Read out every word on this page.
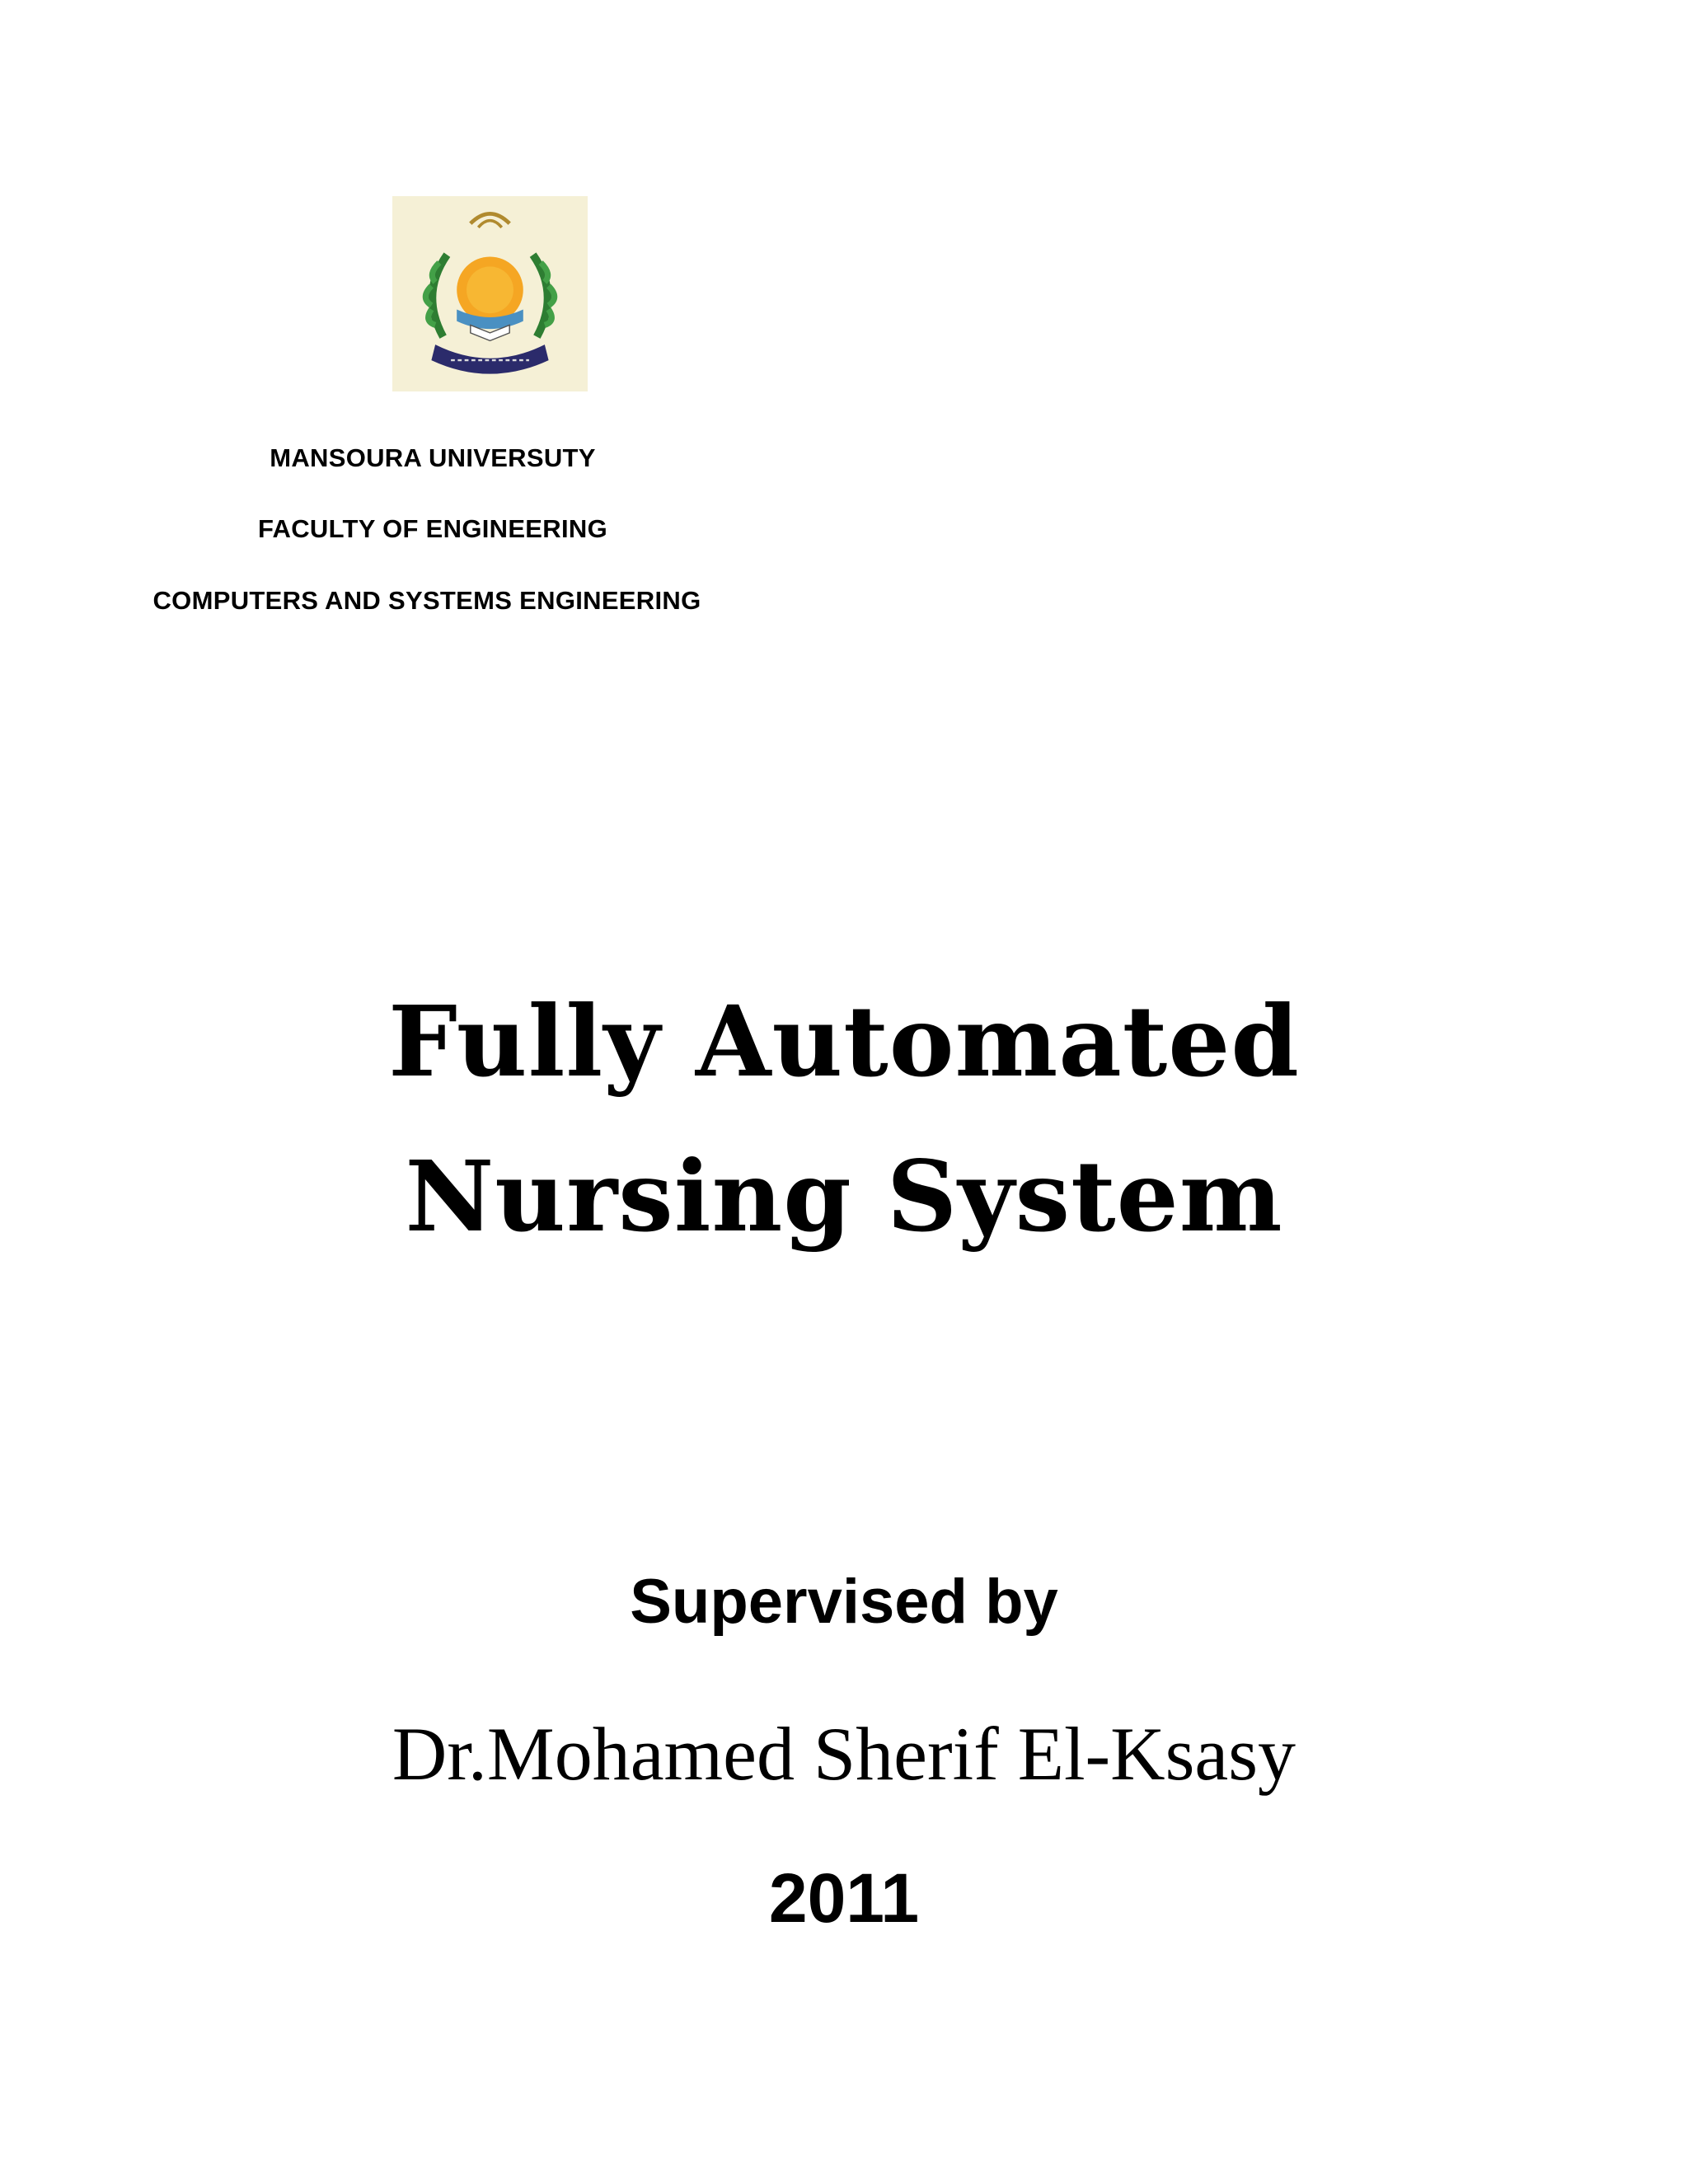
MANSOURA UNIVERSUTY
FACULTY OF ENGINEERING
COMPUTERS AND SYSTEMS ENGINEERING
Fully Automated
Nursing System
Supervised by
Dr.Mohamed Sherif El-Ksasy
2011
